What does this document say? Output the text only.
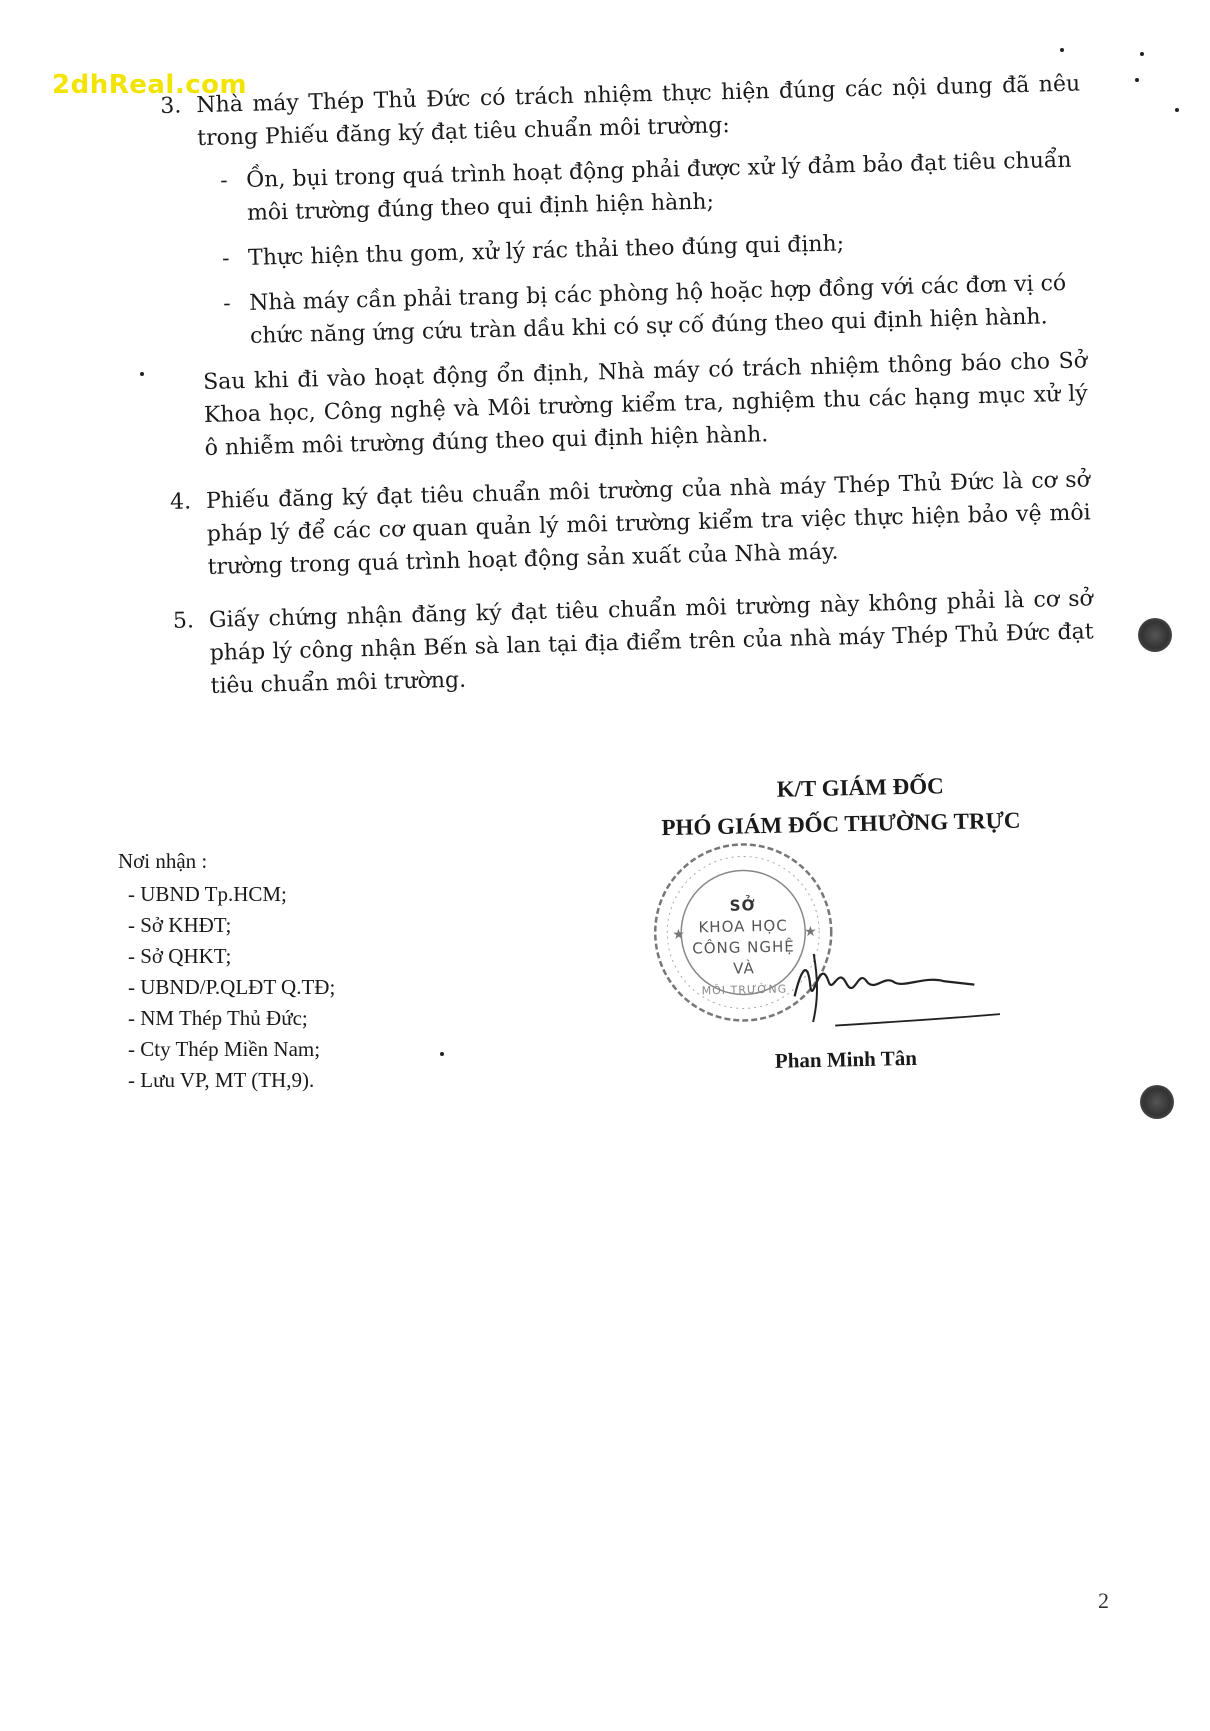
2dhReal.com
3. Nhà máy Thép Thủ Đức có trách nhiệm thực hiện đúng các nội dung đã nêu trong Phiếu đăng ký đạt tiêu chuẩn môi trường:

- Ồn, bụi trong quá trình hoạt động phải được xử lý đảm bảo đạt tiêu chuẩn môi trường đúng theo qui định hiện hành;
- Thực hiện thu gom, xử lý rác thải theo đúng qui định;
- Nhà máy cần phải trang bị các phòng hộ hoặc hợp đồng với các đơn vị có chức năng ứng cứu tràn dầu khi có sự cố đúng theo qui định hiện hành.

Sau khi đi vào hoạt động ổn định, Nhà máy có trách nhiệm thông báo cho Sở Khoa học, Công nghệ và Môi trường kiểm tra, nghiệm thu các hạng mục xử lý ô nhiễm môi trường đúng theo qui định hiện hành.

4. Phiếu đăng ký đạt tiêu chuẩn môi trường của nhà máy Thép Thủ Đức là cơ sở pháp lý để các cơ quan quản lý môi trường kiểm tra việc thực hiện bảo vệ môi trường trong quá trình hoạt động sản xuất của Nhà máy.

5. Giấy chứng nhận đăng ký đạt tiêu chuẩn môi trường này không phải là cơ sở pháp lý công nhận Bến sà lan tại địa điểm trên của nhà máy Thép Thủ Đức đạt tiêu chuẩn môi trường.

Nơi nhận :
- UBND Tp.HCM;
- Sở KHĐT;
- Sở QHKT;
- UBND/P.QLĐT Q.TĐ;
- NM Thép Thủ Đức;
- Cty Thép Miền Nam;
- Lưu VP, MT (TH,9).
K/T GIÁM ĐỐC
PHÓ GIÁM ĐỐC THƯỜNG TRỰC
★	★
SỞ
KHOA HỌC
CÔNG NGHỆ
VÀ
MÔI TRƯỜNG
Phan Minh Tân
2
